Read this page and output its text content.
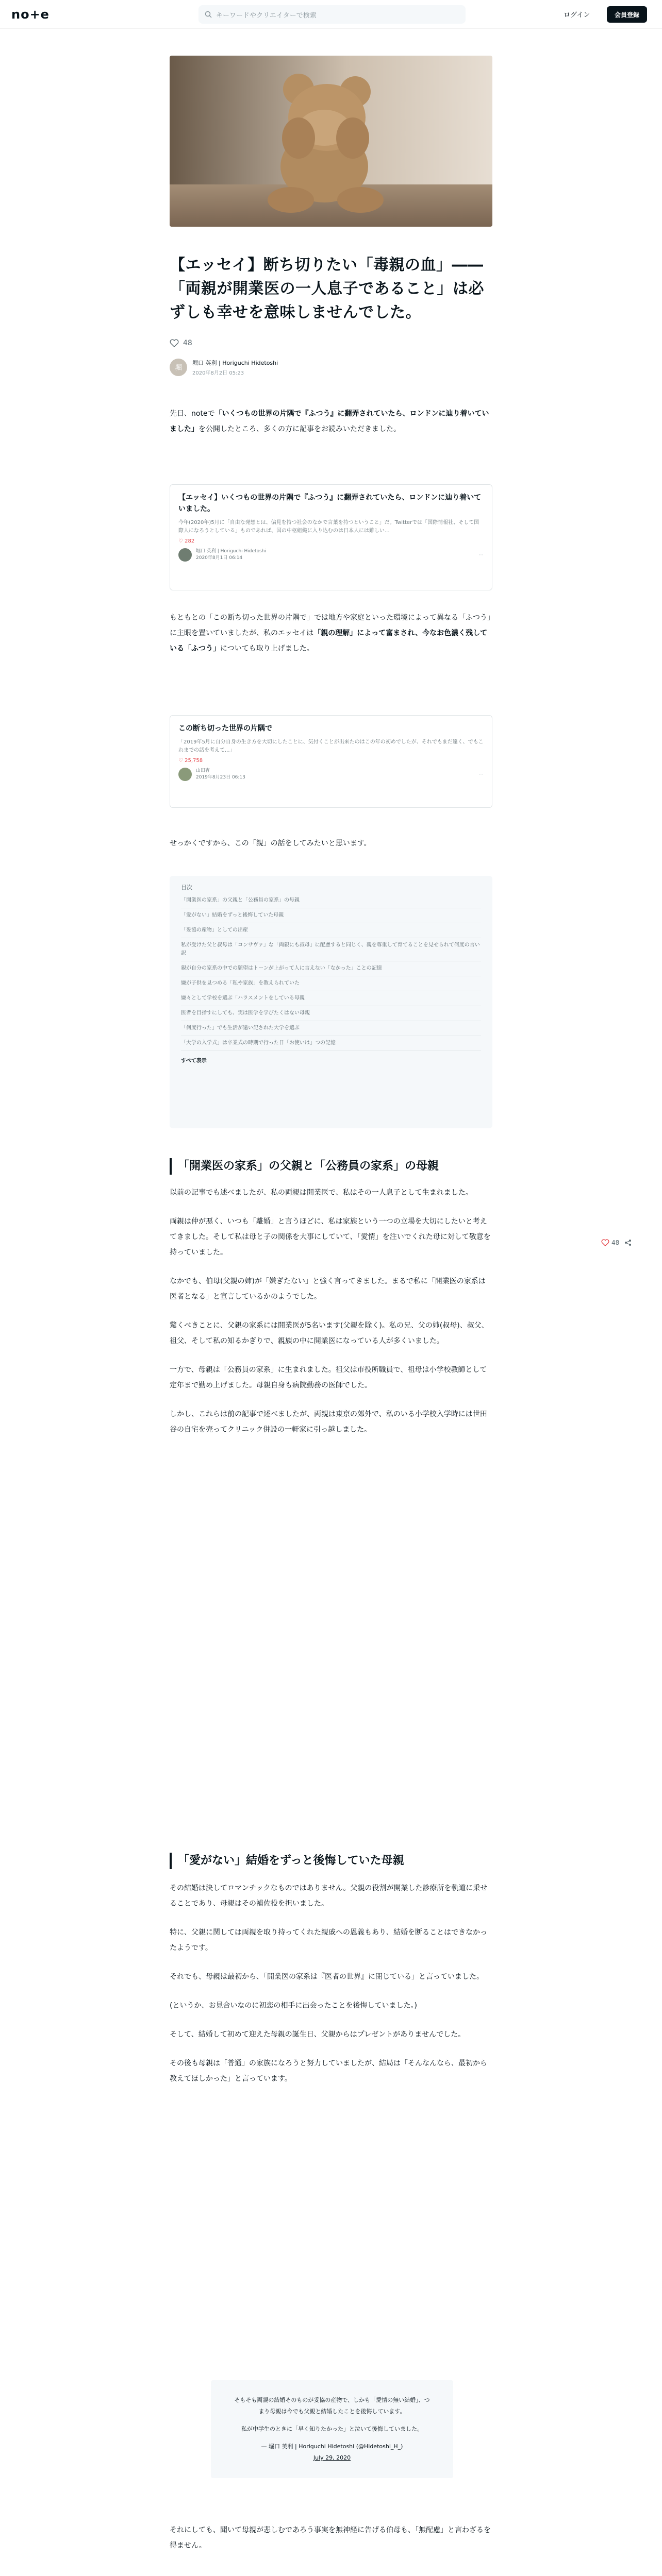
no+e	キーワードやクリエイターで検索	ログイン	会員登録
【エッセイ】断ち切りたい「毒親の血」――「両親が開業医の一人息子であること」は必ずしも幸せを意味しませんでした。
48
堀
堀口 英利 | Horiguchi Hidetoshi
2020年8月2日 05:23

先日、noteで「いくつもの世界の片隅で『ふつう』に翻弄されていたら、ロンドンに辿り着いていました」を公開したところ、多くの方に記事をお読みいただきました。

【エッセイ】いくつもの世界の片隅で『ふつう』に翻弄されていたら、ロンドンに辿り着いていました。
今年(2020年)5月に「自由な発想とは、偏見を持つ社会のなかで言葉を持つということ」だ。Twitterでは「国際情報社、そして国際人になろうとしている」ものであれば、国の中枢組織に入り込むのは日本人には難しい...
♡ 282
堀口 英利 | Horiguchi Hidetoshi
2020年8月1日 06:14	⋯

もともとの「この断ち切った世界の片隅で」では地方や家庭といった環境によって異なる「ふつう」に主眼を置いていましたが、私のエッセイは「親の理解」によって富まされ、今なお色濃く残している「ふつう」についても取り上げました。

この断ち切った世界の片隅で
「2019年5月に自分自身の生き方を大切にしたことに、気付くことが出来たのはこの年の初めでしたが、それでもまだ遠く、でもこれまでの話を考えて...」
♡ 25,758
山田杏
2019年8月23日 06:13	⋯

せっかくですから、この「親」の話をしてみたいと思います。

目次
「開業医の家系」の父親と「公務員の家系」の母親
「愛がない」結婚をずっと後悔していた母親
「妥協の産物」としての出産
私が受けた父と叔母は「コンサヴァ」な「両親にも叔母」に配慮すると同じく、親を尊重して育てることを見せられて何度の言い訳
親が自分の家系の中での願望はトーンが上がって人に言えない「なかった」ことの記憶
嫌が子供を見つめる「私や家族」を教えられていた
嫌々として学校を選ぶ「ハラスメントをしている母親
医者を目指すにしても、実は医学を学びたくはない母親
「何度行った」でも生活が遠い記された大学を選ぶ
「大学の入学式」は卒業式の時期で行った日「お使いは」つの記憶
すべて表示
「開業医の家系」の父親と「公務員の家系」の母親

以前の記事でも述べましたが、私の両親は開業医で、私はその一人息子として生まれました。

両親は仲が悪く、いつも「離婚」と言うほどに、私は家族という一つの立場を大切にしたいと考えてきました。そして私は母と子の関係を大事にしていて、「愛情」を注いでくれた母に対して敬意を持っていました。

なかでも、伯母(父親の姉)が「嫌ぎたない」と強く言ってきました。まるで私に「開業医の家系は医者となる」と宣言しているかのようでした。

驚くべきことに、父親の家系には開業医が5名います(父親を除く)。私の兄、父の姉(叔母)、叔父、祖父、そして私の知るかぎりで、親族の中に開業医になっている人が多くいました。

一方で、母親は「公務員の家系」に生まれました。祖父は市役所職員で、祖母は小学校教師として定年まで勤め上げました。母親自身も病院勤務の医師でした。

しかし、これらは前の記事で述べましたが、両親は東京の郊外で、私のいる小学校入学時には世田谷の自宅を売ってクリニック併設の一軒家に引っ越しました。

48
「愛がない」結婚をずっと後悔していた母親

その結婚は決してロマンチックなものではありません。父親の役割が開業した診療所を軌道に乗せることであり、母親はその補佐役を担いました。

特に、父親に関しては両親を取り持ってくれた親戚への恩義もあり、結婚を断ることはできなかったようです。

それでも、母親は最初から、「開業医の家系は『医者の世界』に閉じている」と言っていました。

(というか、お見合いなのに初恋の相手に出会ったことを後悔していました。)

そして、結婚して初めて迎えた母親の誕生日、父親からはプレゼントがありませんでした。

その後も母親は「普通」の家族になろうと努力していましたが、結局は「そんなんなら、最初から教えてほしかった」と言っています。

そもそも両親の結婚そのものが妥協の産物で、しかも「愛情の無い結婚」、つまり母親は今でも父親と結婚したことを後悔しています。
私が中学生のときに「早く知りたかった」と泣いて後悔していました。
— 堀口 英利 | Horiguchi Hidetoshi (@Hidetoshi_H_)
July 29, 2020

それにしても、聞いて母親が悲しむであろう事実を無神経に告げる伯母も、「無配慮」と言わざるを得ません。
